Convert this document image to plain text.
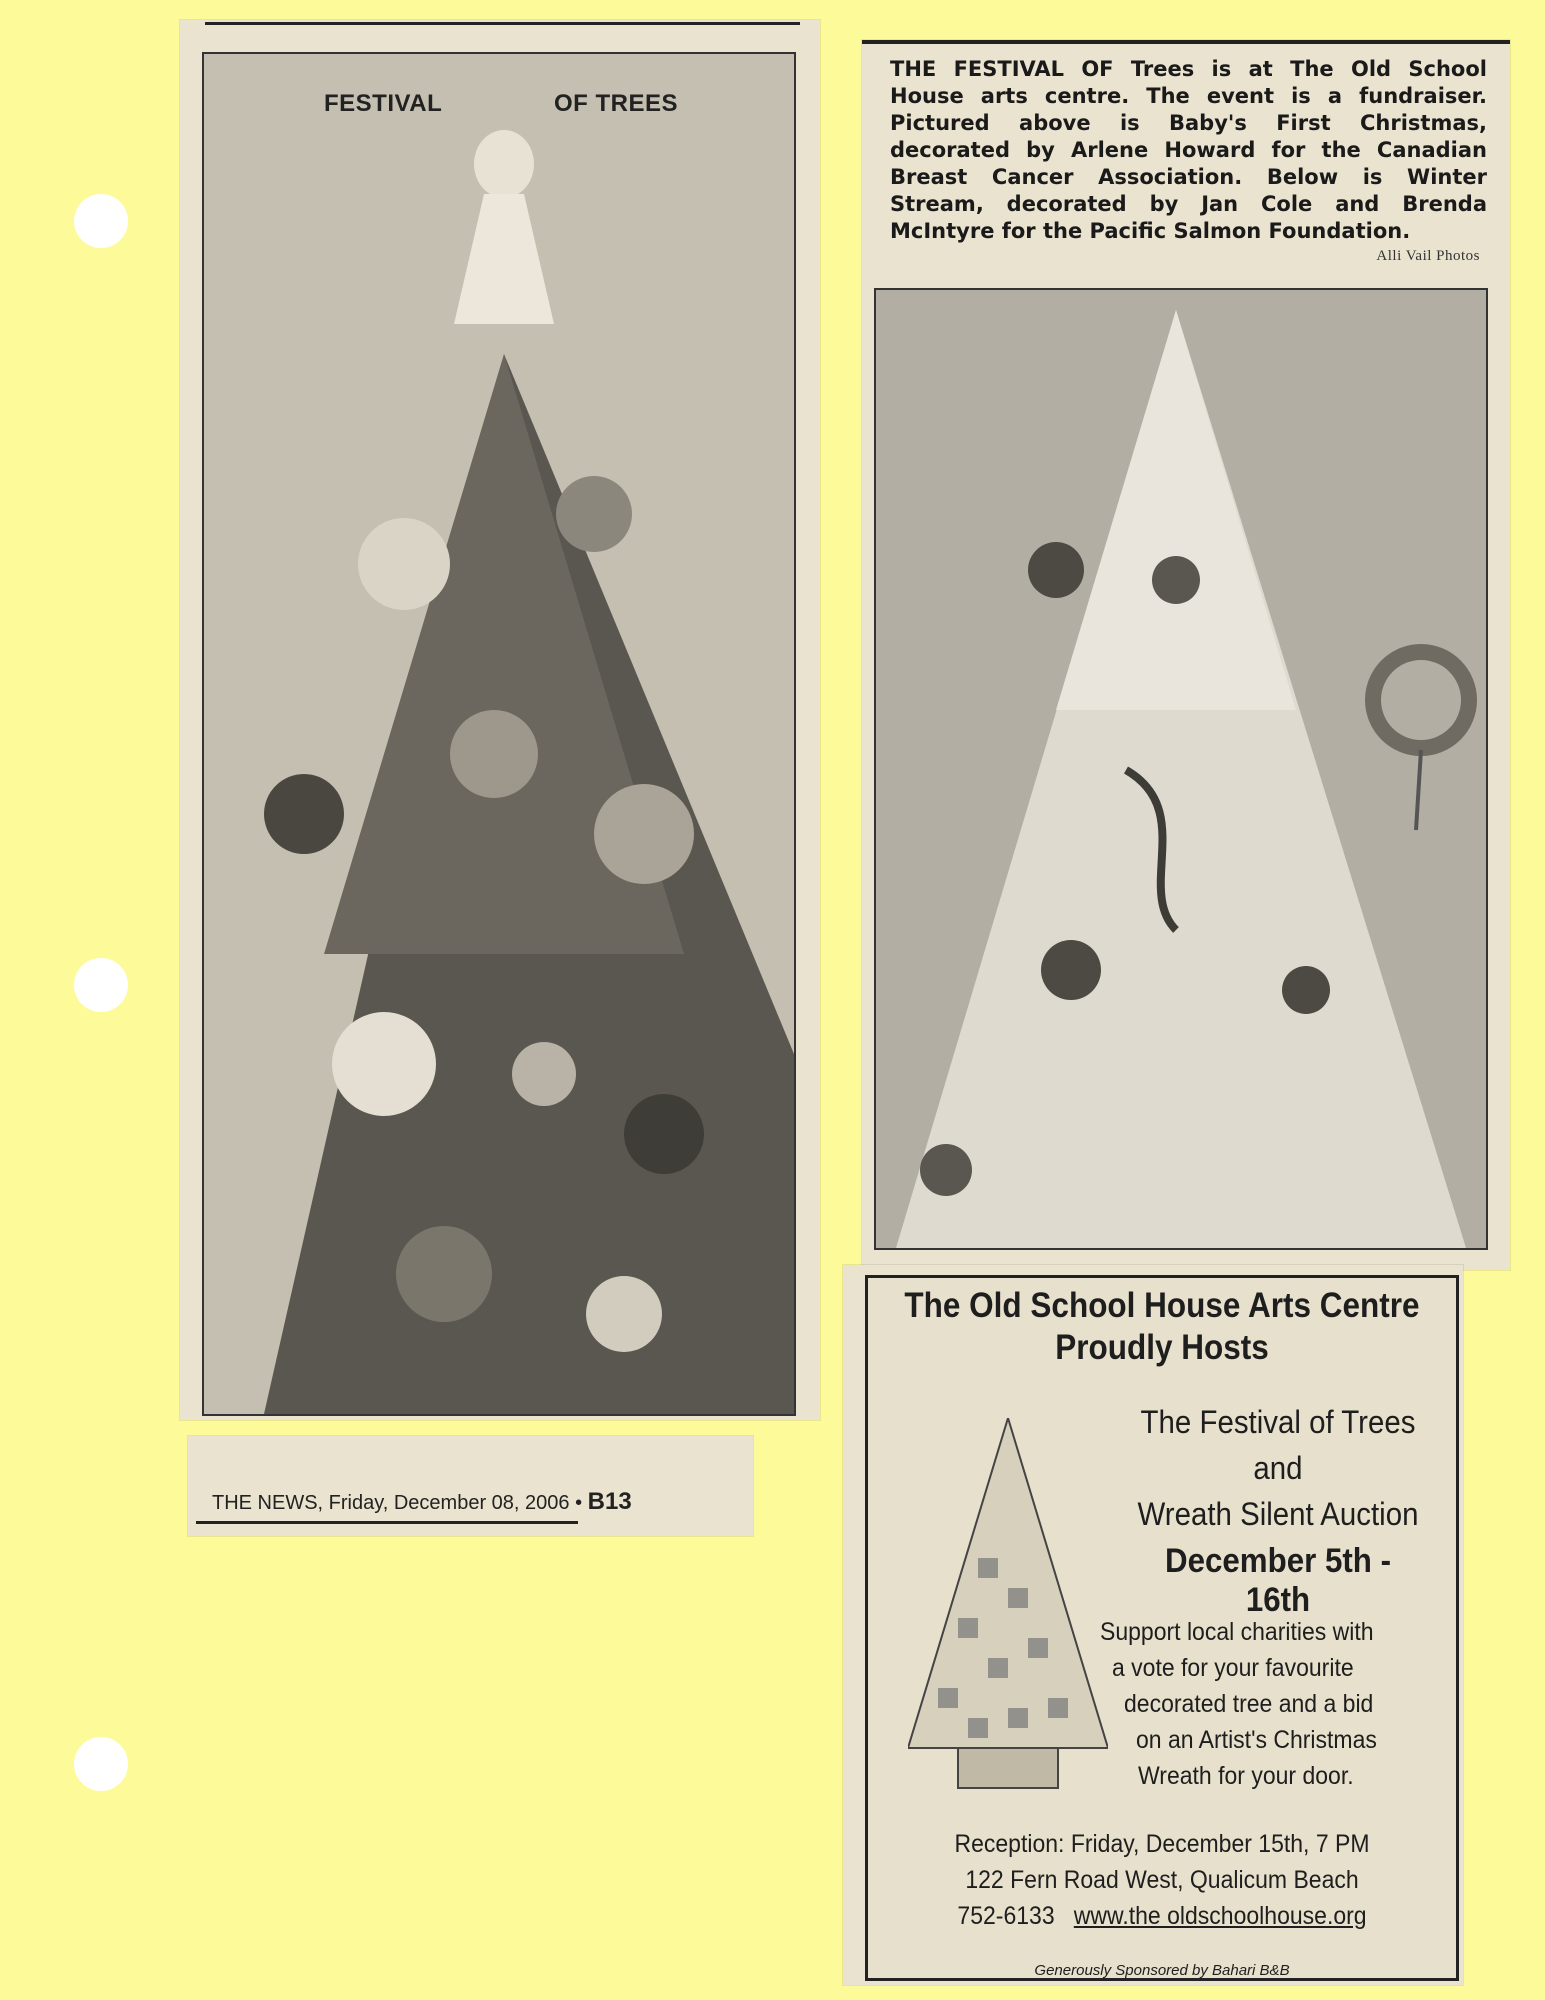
FESTIVAL	OF TREES
THE NEWS, Friday, December 08, 2006 • B13
THE FESTIVAL OF Trees is at The Old School House arts centre. The event is a fundraiser. Pictured above is Baby's First Christmas, decorated by Arlene Howard for the Canadian Breast Cancer Association. Below is Winter Stream, decorated by Jan Cole and Brenda McIntyre for the Pacific Salmon Foundation.
Alli Vail Photos
The Old School House Arts Centre
Proudly Hosts
The Festival of Trees
and
Wreath Silent Auction
December 5th - 16th
Support local charities with
a vote for your favourite
decorated tree and a bid
on an Artist's Christmas
Wreath for your door.
Reception: Friday, December 15th, 7 PM
122 Fern Road West, Qualicum Beach
752-6133 www.the oldschoolhouse.org
Generously Sponsored by Bahari B&B
